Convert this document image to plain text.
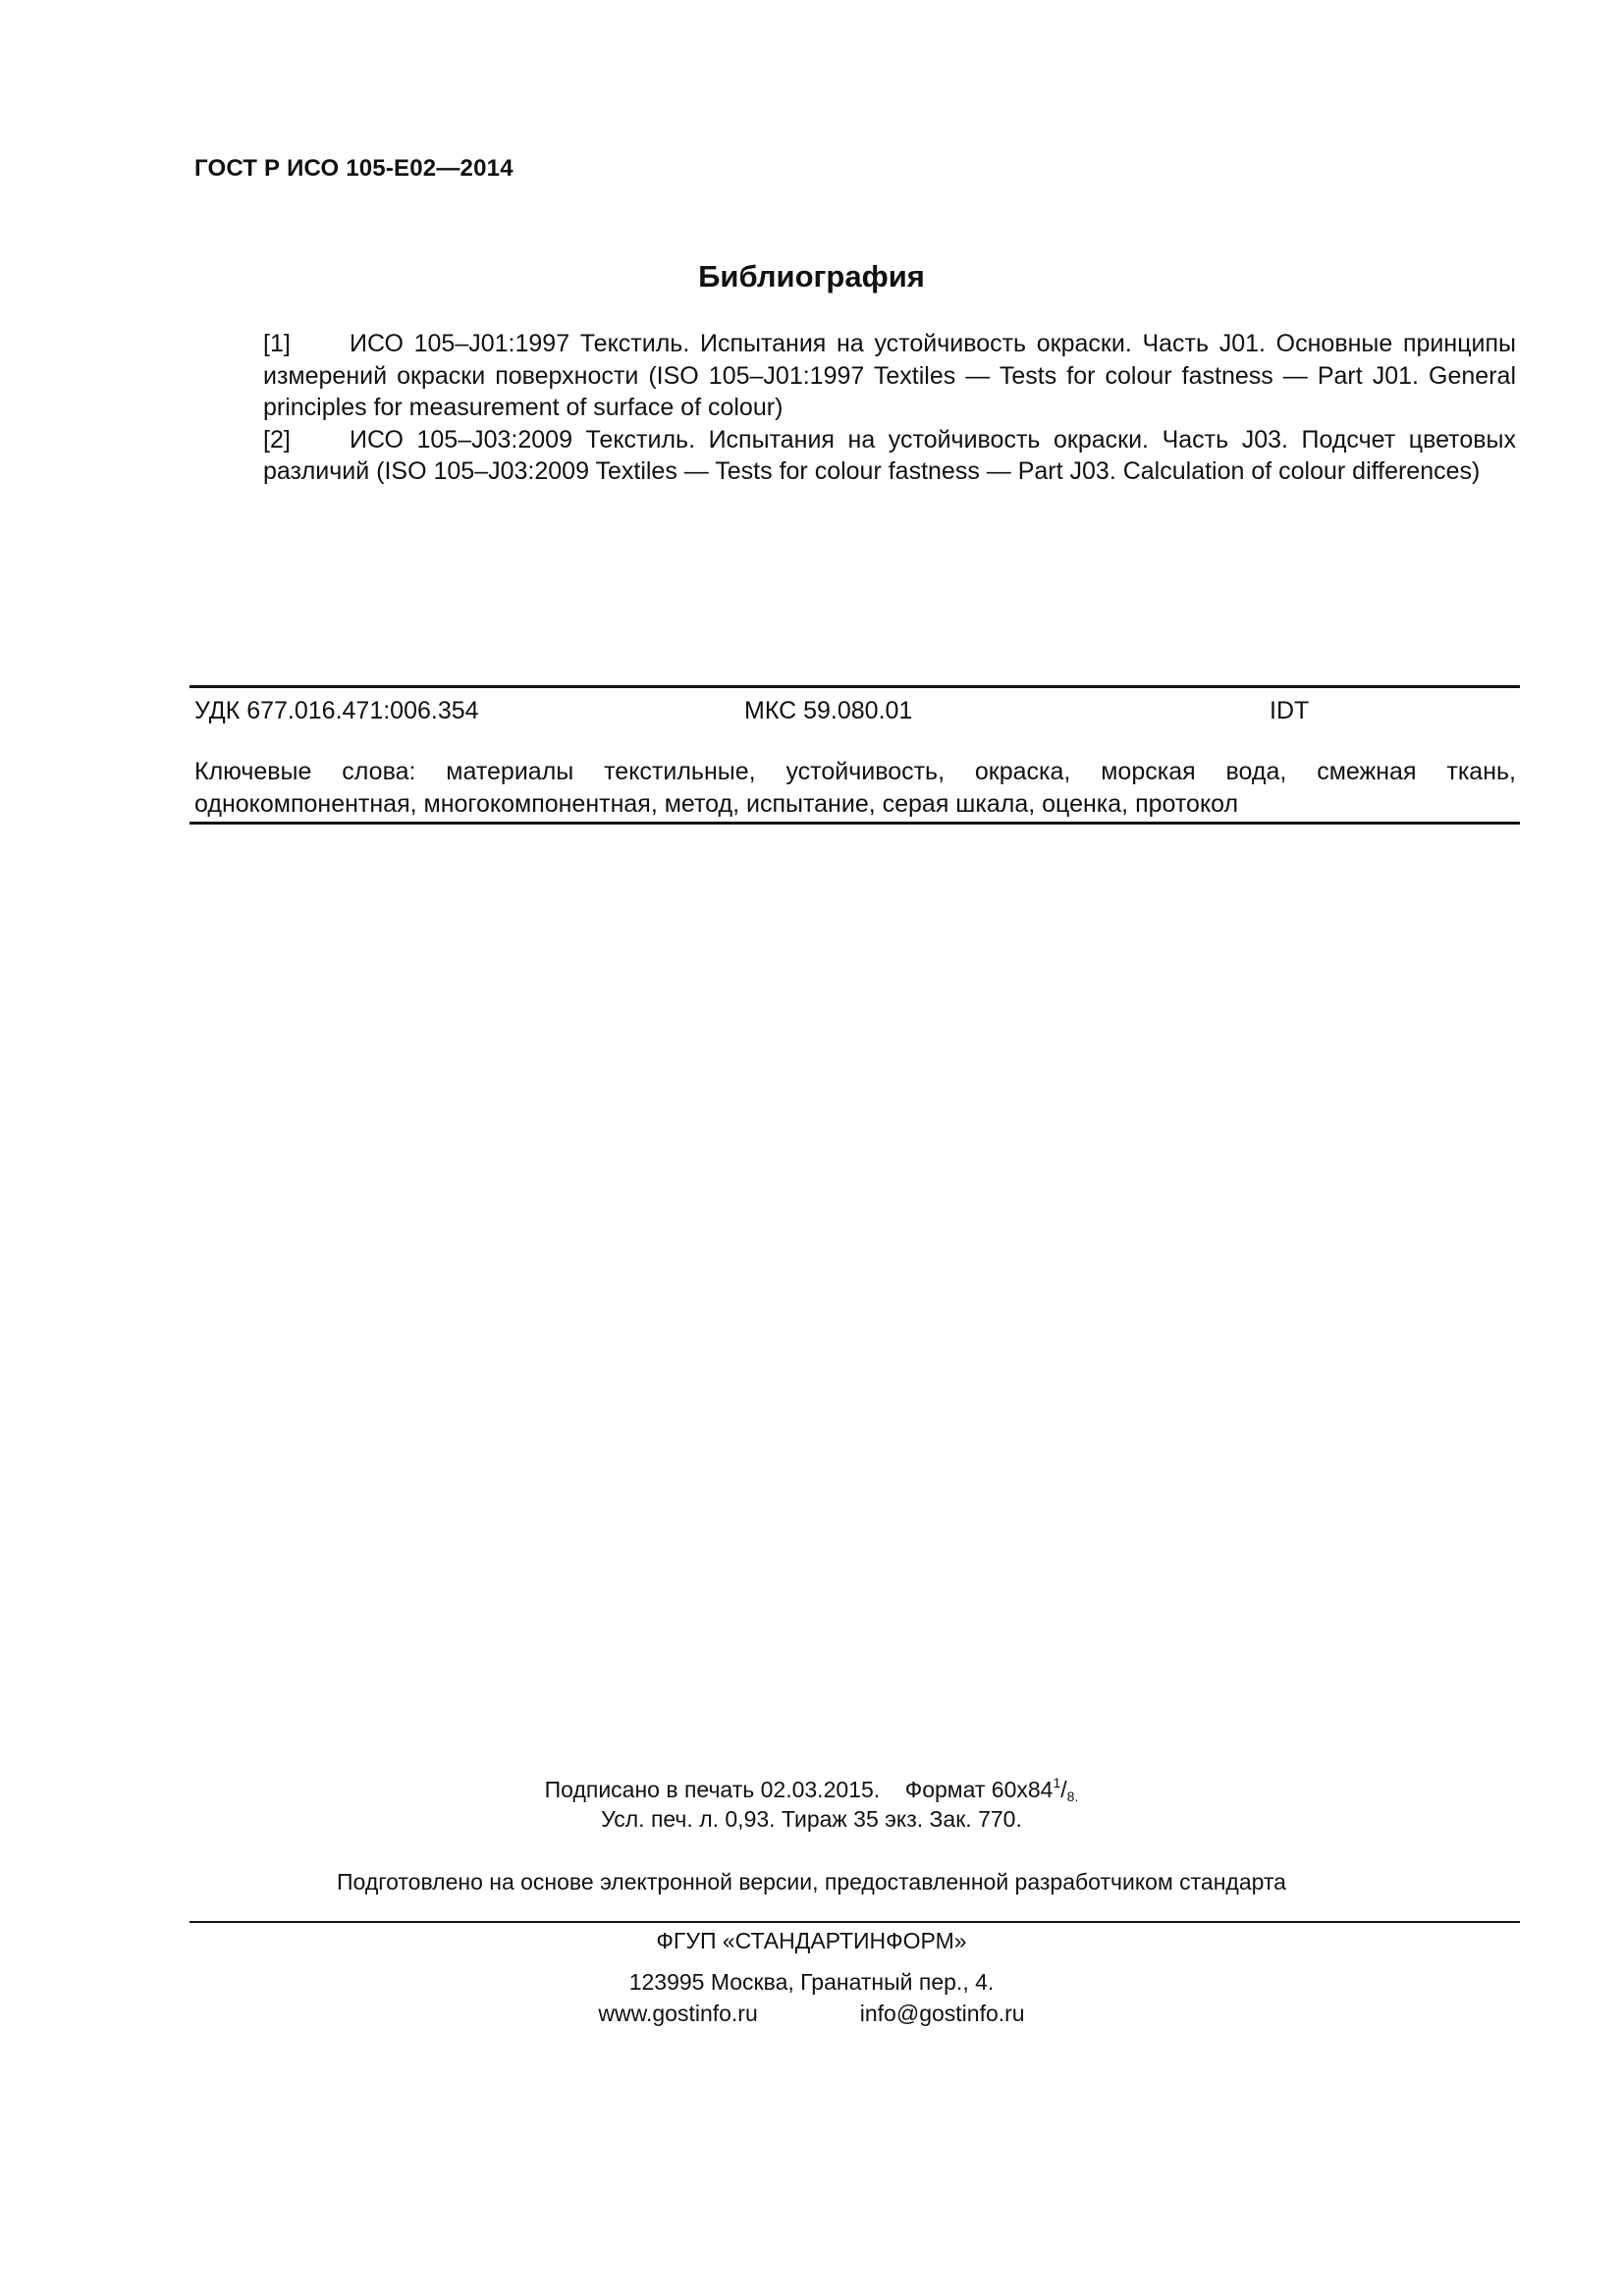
ГОСТ Р ИСО 105-E02—2014
Библиография
[1] ИСО 105–J01:1997 Текстиль. Испытания на устойчивость окраски. Часть J01. Основные принципы измерений окраски поверхности (ISO 105–J01:1997 Textiles — Tests for colour fastness — Part J01. General principles for measurement of surface of colour)
[2] ИСО 105–J03:2009 Текстиль. Испытания на устойчивость окраски. Часть J03. Подсчет цветовых различий (ISO 105–J03:2009 Textiles — Tests for colour fastness — Part J03. Calculation of colour differences)
УДК 677.016.471:006.354	МКС 59.080.01	IDT
Ключевые слова: материалы текстильные, устойчивость, окраска, морская вода, смежная ткань, однокомпонентная, многокомпонентная, метод, испытание, серая шкала, оценка, протокол
Подписано в печать 02.03.2015. Формат $60x84^1/_{8.}$
Усл. печ. л. 0,93. Тираж 35 экз. Зак. 770.
Подготовлено на основе электронной версии, предоставленной разработчиком стандарта
ФГУП «СТАНДАРТИНФОРМ»
123995 Москва, Гранатный пер., 4.
www.gostinfo.ru	info@gostinfo.ru
